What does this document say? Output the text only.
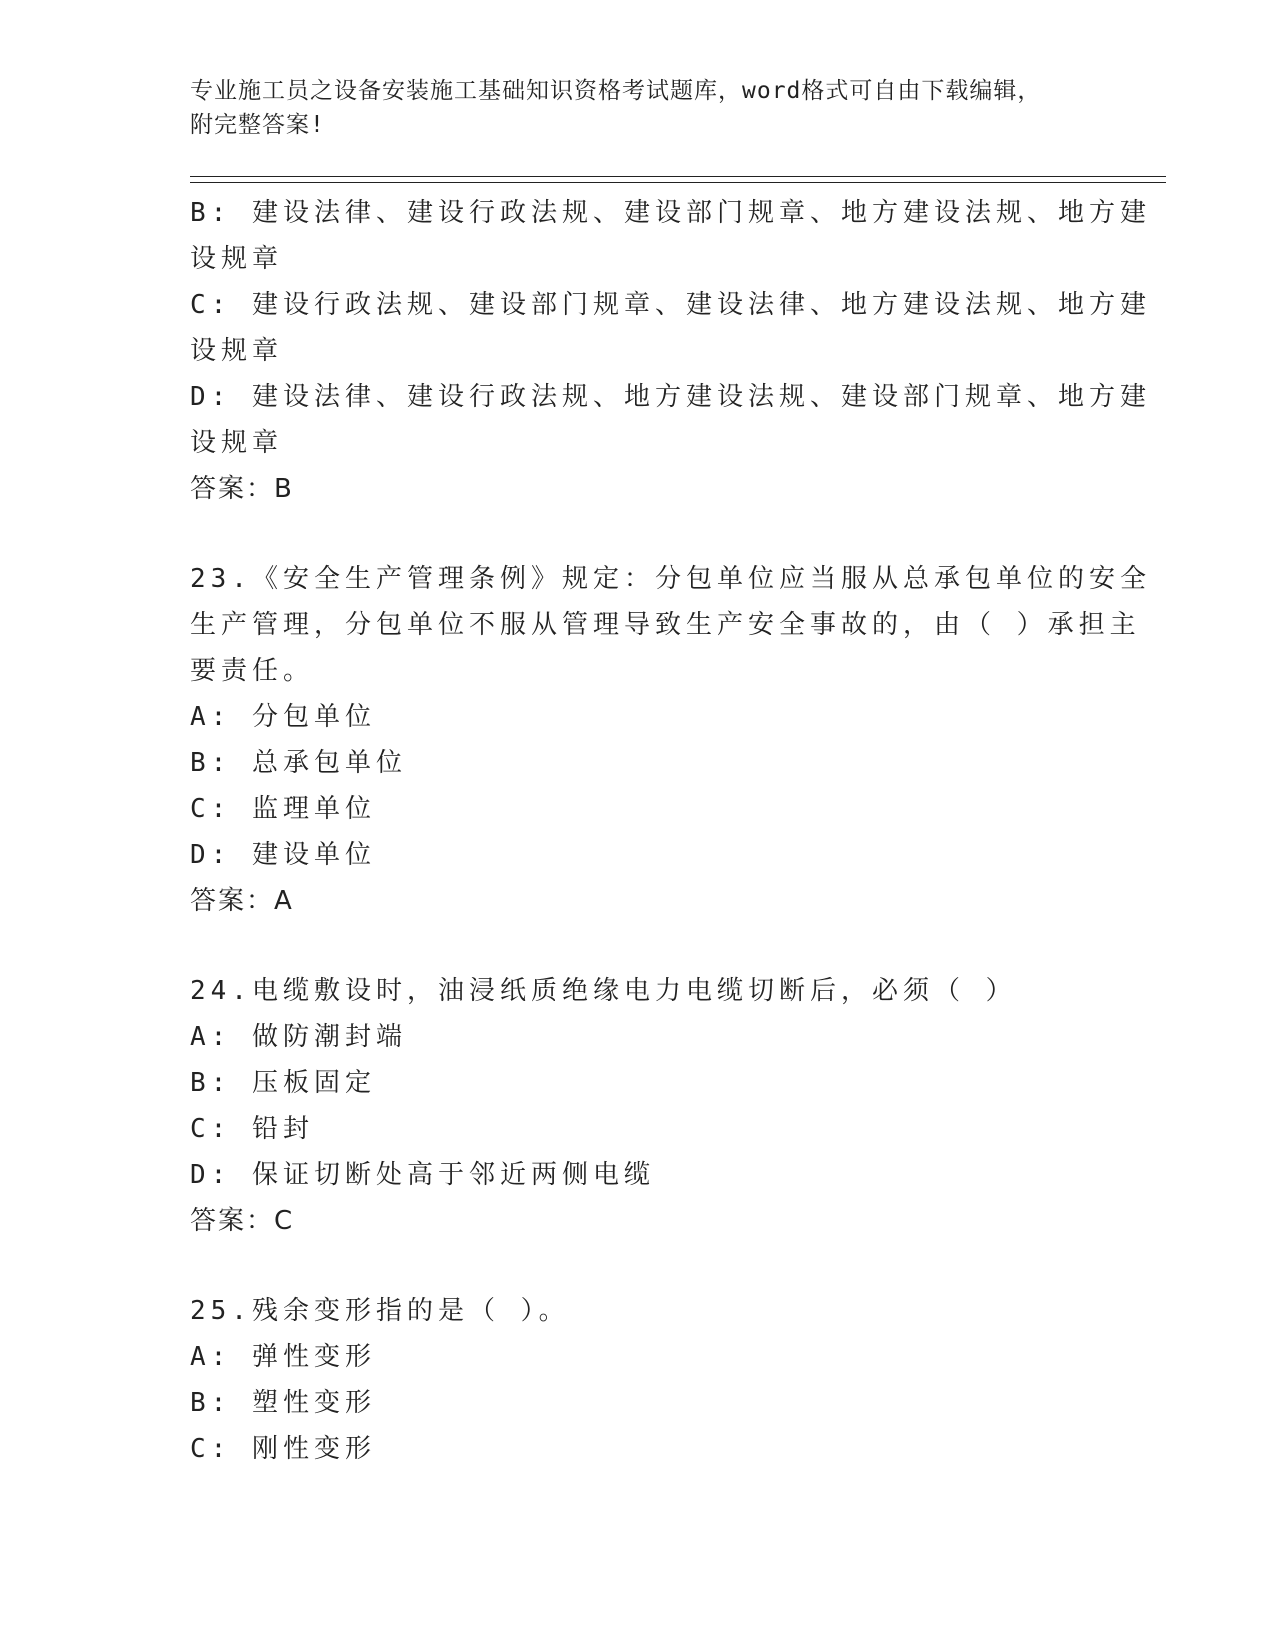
专业施工员之设备安装施工基础知识资格考试题库，word格式可自由下载编辑，
附完整答案!
B: 建设法律、建设行政法规、建设部门规章、地方建设法规、地方建
设规章
C: 建设行政法规、建设部门规章、建设法律、地方建设法规、地方建
设规章
D: 建设法律、建设行政法规、地方建设法规、建设部门规章、地方建
设规章
答案：B
23.《安全生产管理条例》规定：分包单位应当服从总承包单位的安全
生产管理，分包单位不服从管理导致生产安全事故的，由（ ）承担主
要责任。
A: 分包单位
B: 总承包单位
C: 监理单位
D: 建设单位
答案：A
24.电缆敷设时，油浸纸质绝缘电力电缆切断后，必须（ ）
A: 做防潮封端
B: 压板固定
C: 铅封
D: 保证切断处高于邻近两侧电缆
答案：C
25.残余变形指的是（ ）。
A: 弹性变形
B: 塑性变形
C: 刚性变形
